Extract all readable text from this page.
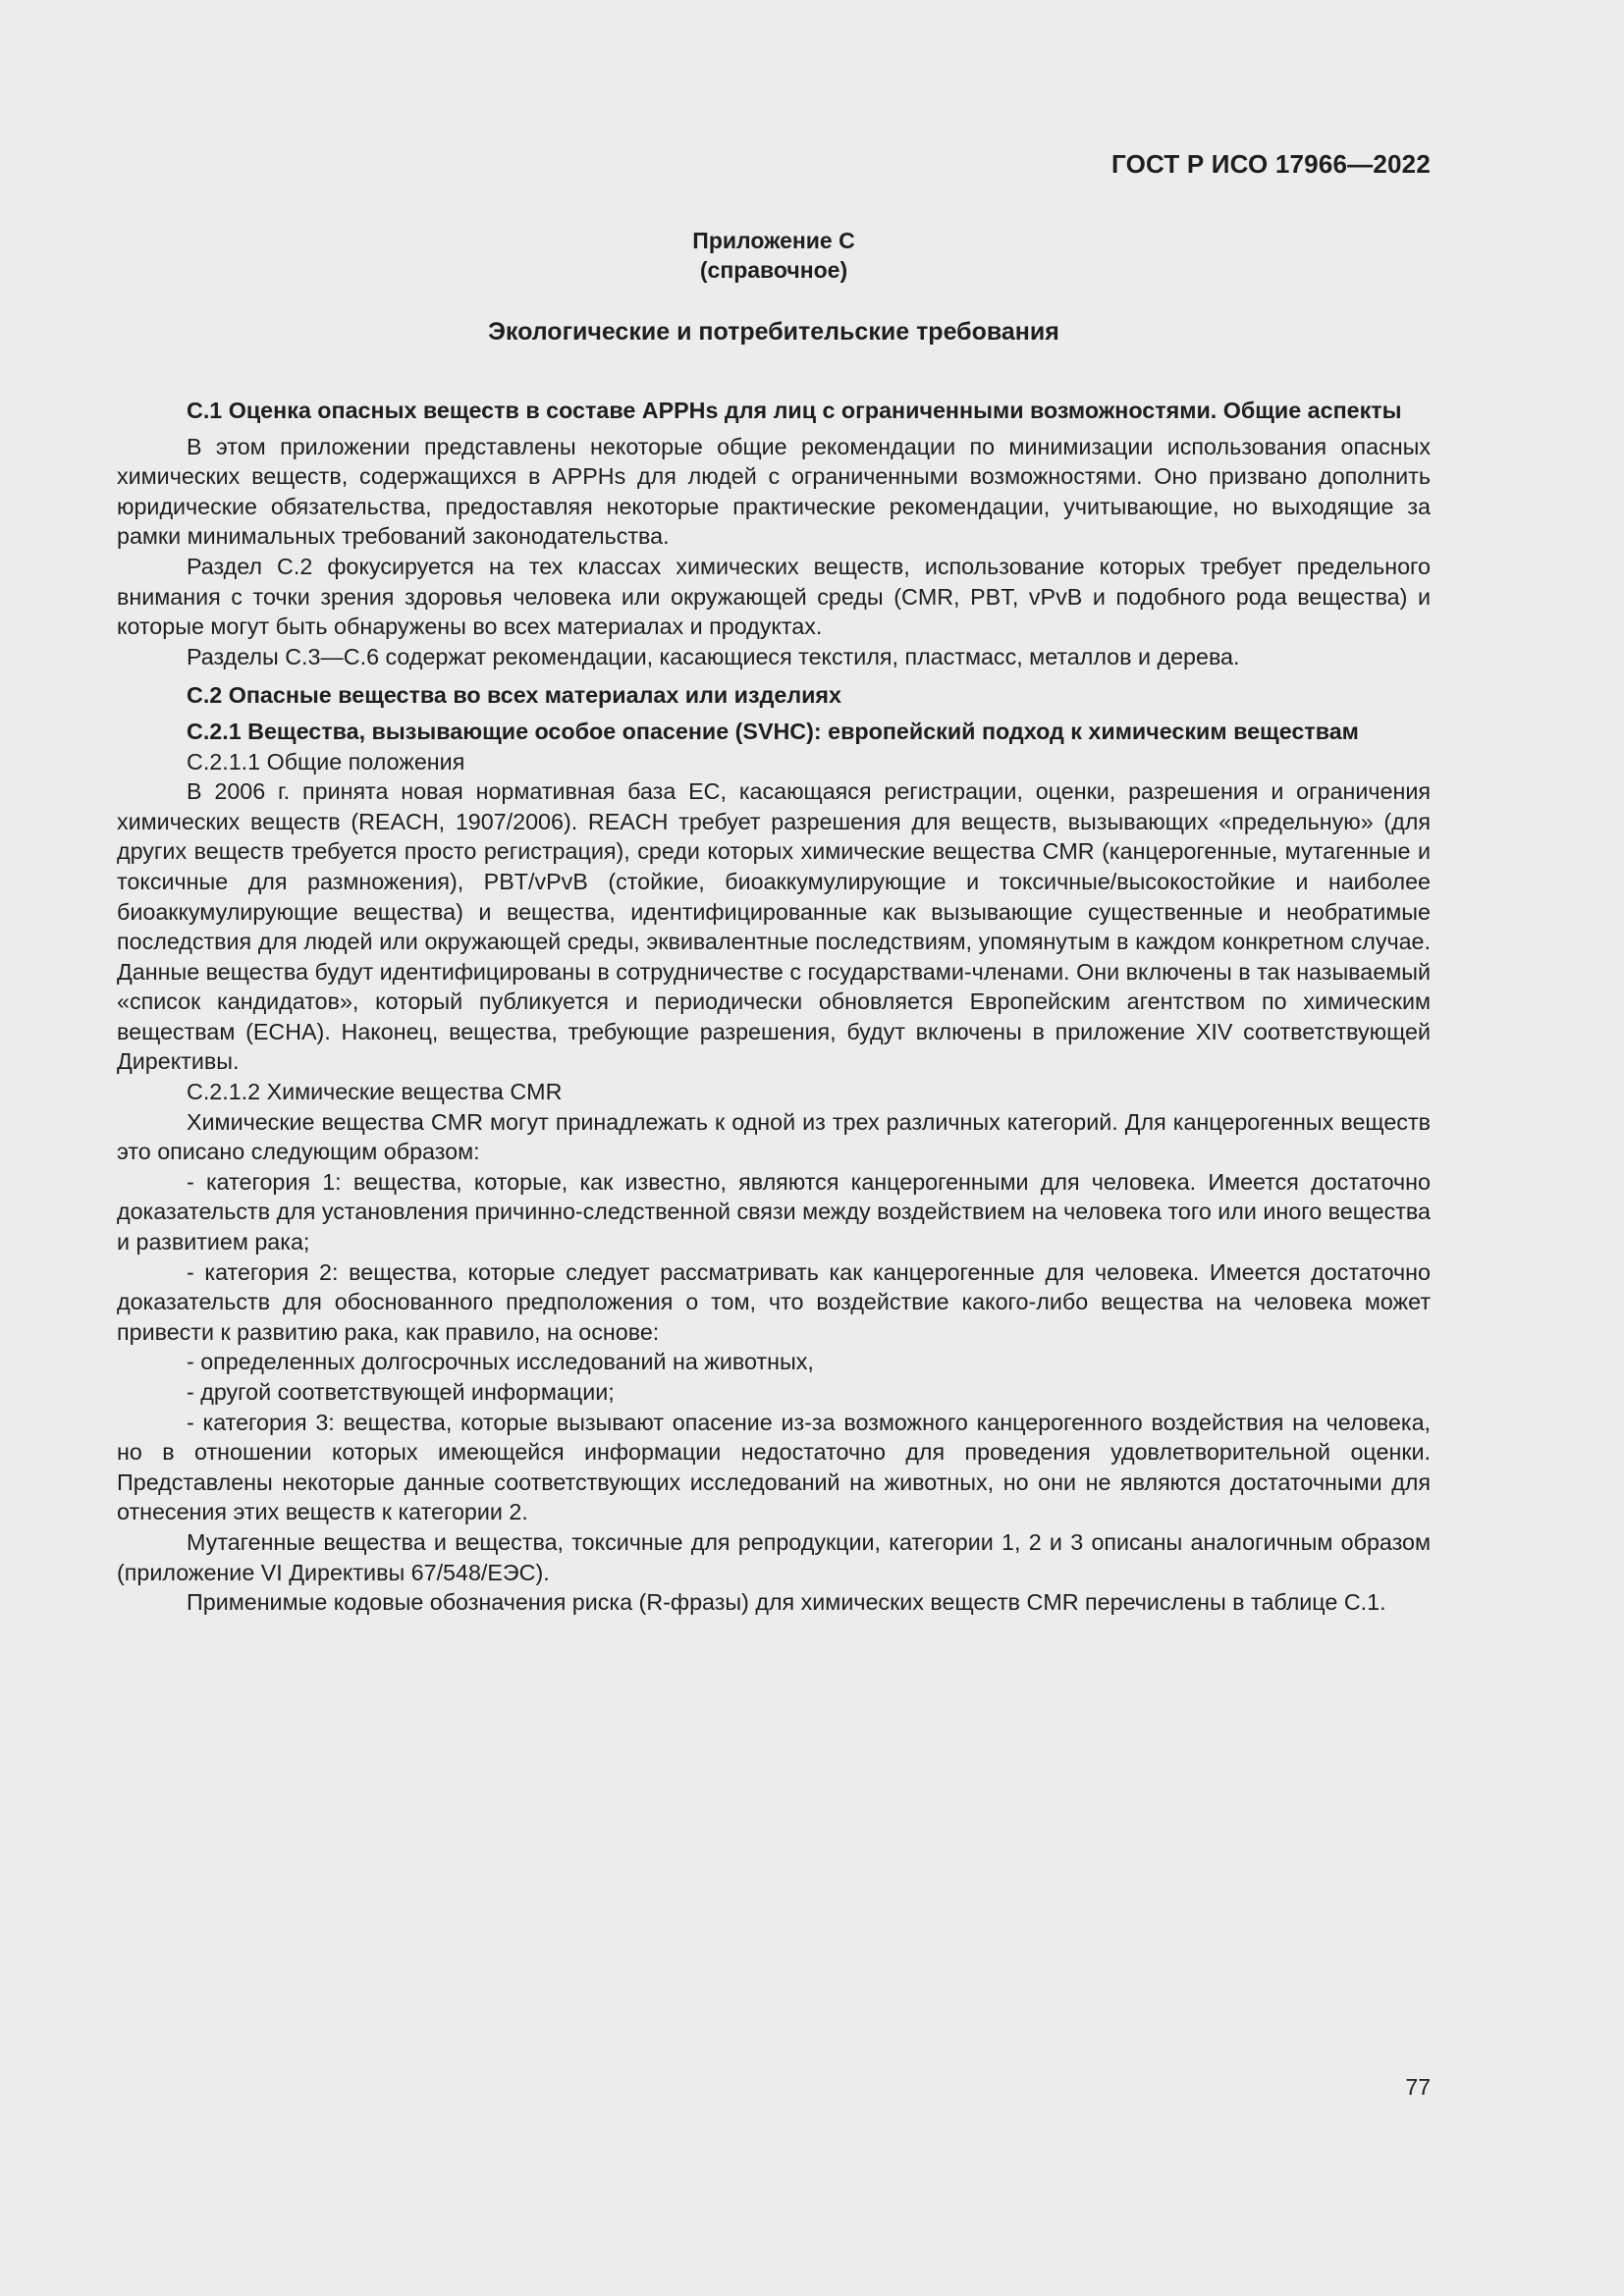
ГОСТ Р ИСО 17966—2022
Приложение С
(справочное)
Экологические и потребительские требования

С.1 Оценка опасных веществ в составе APPHs для лиц с ограниченными возможностями. Общие аспекты

В этом приложении представлены некоторые общие рекомендации по минимизации использования опасных химических веществ, содержащихся в APPHs для людей с ограниченными возможностями. Оно призвано дополнить юридические обязательства, предоставляя некоторые практические рекомендации, учитывающие, но выходящие за рамки минимальных требований законодательства.

Раздел С.2 фокусируется на тех классах химических веществ, использование которых требует предельного внимания с точки зрения здоровья человека или окружающей среды (CMR, PBT, vPvB и подобного рода вещества) и которые могут быть обнаружены во всех материалах и продуктах.

Разделы С.3—С.6 содержат рекомендации, касающиеся текстиля, пластмасс, металлов и дерева.

С.2 Опасные вещества во всех материалах или изделиях

С.2.1 Вещества, вызывающие особое опасение (SVHC): европейский подход к химическим веществам

С.2.1.1 Общие положения

В 2006 г. принята новая нормативная база ЕС, касающаяся регистрации, оценки, разрешения и ограничения химических веществ (REACH, 1907/2006). REACH требует разрешения для веществ, вызывающих «предельную» (для других веществ требуется просто регистрация), среди которых химические вещества CMR (канцерогенные, мутагенные и токсичные для размножения), PBT/vPvB (стойкие, биоаккумулирующие и токсичные/высокостойкие и наиболее биоаккумулирующие вещества) и вещества, идентифицированные как вызывающие существенные и необратимые последствия для людей или окружающей среды, эквивалентные последствиям, упомянутым в каждом конкретном случае. Данные вещества будут идентифицированы в сотрудничестве с государствами-членами. Они включены в так называемый «список кандидатов», который публикуется и периодически обновляется Европейским агентством по химическим веществам (ECHA). Наконец, вещества, требующие разрешения, будут включены в приложение XIV соответствующей Директивы.

С.2.1.2 Химические вещества CMR

Химические вещества CMR могут принадлежать к одной из трех различных категорий. Для канцерогенных веществ это описано следующим образом:

- категория 1: вещества, которые, как известно, являются канцерогенными для человека. Имеется достаточно доказательств для установления причинно-следственной связи между воздействием на человека того или иного вещества и развитием рака;

- категория 2: вещества, которые следует рассматривать как канцерогенные для человека. Имеется достаточно доказательств для обоснованного предположения о том, что воздействие какого-либо вещества на человека может привести к развитию рака, как правило, на основе:

- определенных долгосрочных исследований на животных,

- другой соответствующей информации;

- категория 3: вещества, которые вызывают опасение из-за возможного канцерогенного воздействия на человека, но в отношении которых имеющейся информации недостаточно для проведения удовлетворительной оценки. Представлены некоторые данные соответствующих исследований на животных, но они не являются достаточными для отнесения этих веществ к категории 2.

Мутагенные вещества и вещества, токсичные для репродукции, категории 1, 2 и 3 описаны аналогичным образом (приложение VI Директивы 67/548/ЕЭС).

Применимые кодовые обозначения риска (R-фразы) для химических веществ CMR перечислены в таблице С.1.

77
